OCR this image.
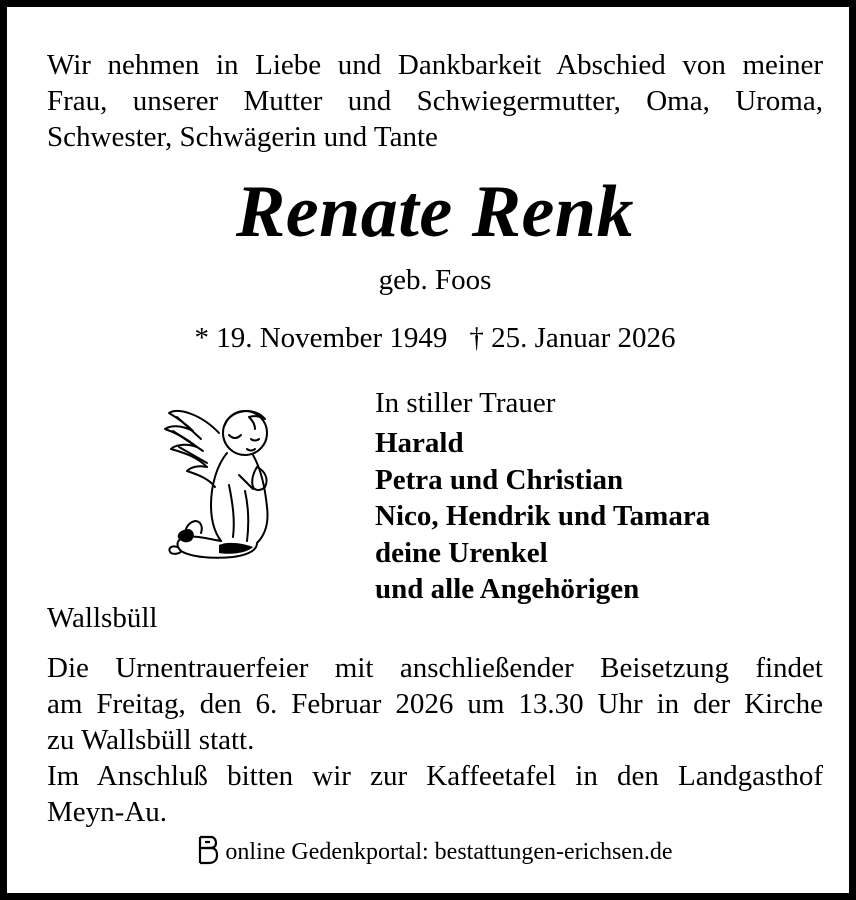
Wir nehmen in Liebe und Dankbarkeit Abschied von meiner
Frau, unserer Mutter und Schwiegermutter, Oma, Uroma,
Schwester, Schwägerin und Tante
Renate Renk
geb. Foos
* 19. November 1949 † 25. Januar 2026
In stiller Trauer
Harald
Petra und Christian
Nico, Hendrik und Tamara
deine Urenkel
und alle Angehörigen
Wallsbüll
Die Urnentrauerfeier mit anschließender Beisetzung findet
am Freitag, den 6. Februar 2026 um 13.30 Uhr in der Kirche
zu Wallsbüll statt.
Im Anschluß bitten wir zur Kaffeetafel in den Landgasthof
Meyn-Au.
online Gedenkportal: bestattungen-erichsen.de
